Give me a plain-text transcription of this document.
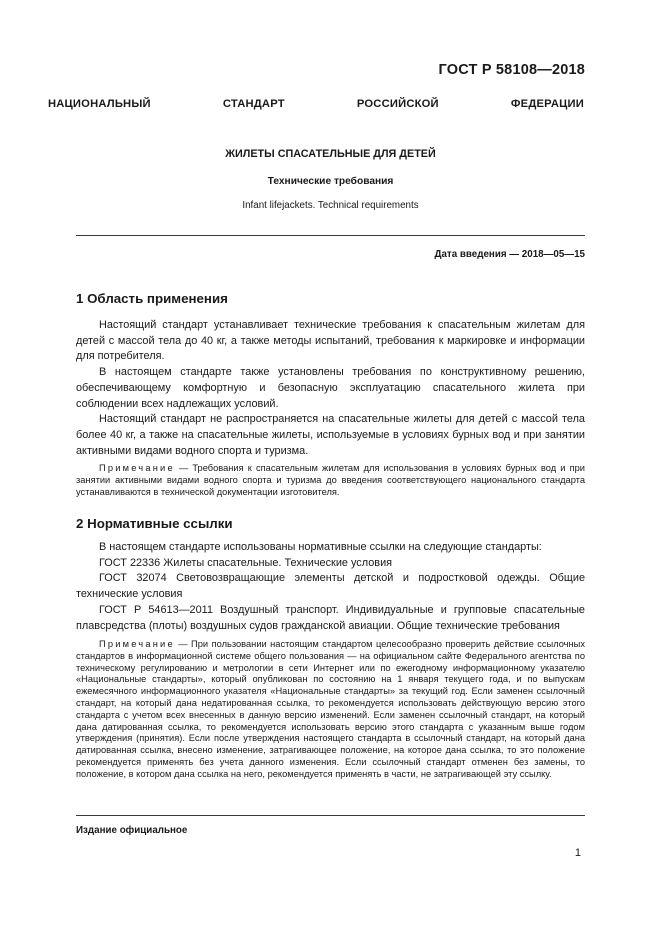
ГОСТ Р 58108—2018
НАЦИОНАЛЬНЫЙ СТАНДАРТ РОССИЙСКОЙ ФЕДЕРАЦИИ
ЖИЛЕТЫ СПАСАТЕЛЬНЫЕ ДЛЯ ДЕТЕЙ
Технические требования
Infant lifejackets. Technical requirements
Дата введения — 2018—05—15
1 Область применения

Настоящий стандарт устанавливает технические требования к спасательным жилетам для детей с массой тела до 40 кг, а также методы испытаний, требования к маркировке и информации для потребителя.

В настоящем стандарте также установлены требования по конструктивному решению, обеспечивающему комфортную и безопасную эксплуатацию спасательного жилета при соблюдении всех надлежащих условий.

Настоящий стандарт не распространяется на спасательные жилеты для детей с массой тела более 40 кг, а также на спасательные жилеты, используемые в условиях бурных вод и при занятии активными видами водного спорта и туризма.

Примечание — Требования к спасательным жилетам для использования в условиях бурных вод и при занятии активными видами водного спорта и туризма до введения соответствующего национального стандарта устанавливаются в технической документации изготовителя.

2 Нормативные ссылки

В настоящем стандарте использованы нормативные ссылки на следующие стандарты:

ГОСТ 22336 Жилеты спасательные. Технические условия

ГОСТ 32074 Световозвращающие элементы детской и подростковой одежды. Общие технические условия

ГОСТ Р 54613—2011 Воздушный транспорт. Индивидуальные и групповые спасательные плавсредства (плоты) воздушных судов гражданской авиации. Общие технические требования

Примечание — При пользовании настоящим стандартом целесообразно проверить действие ссылочных стандартов в информационной системе общего пользования — на официальном сайте Федерального агентства по техническому регулированию и метрологии в сети Интернет или по ежегодному информационному указателю «Национальные стандарты», который опубликован по состоянию на 1 января текущего года, и по выпускам ежемесячного информационного указателя «Национальные стандарты» за текущий год. Если заменен ссылочный стандарт, на который дана недатированная ссылка, то рекомендуется использовать действующую версию этого стандарта с учетом всех внесенных в данную версию изменений. Если заменен ссылочный стандарт, на который дана датированная ссылка, то рекомендуется использовать версию этого стандарта с указанным выше годом утверждения (принятия). Если после утверждения настоящего стандарта в ссылочный стандарт, на который дана датированная ссылка, внесено изменение, затрагивающее положение, на которое дана ссылка, то это положение рекомендуется применять без учета данного изменения. Если ссылочный стандарт отменен без замены, то положение, в котором дана ссылка на него, рекомендуется применять в части, не затрагивающей эту ссылку.

Издание официальное
1
